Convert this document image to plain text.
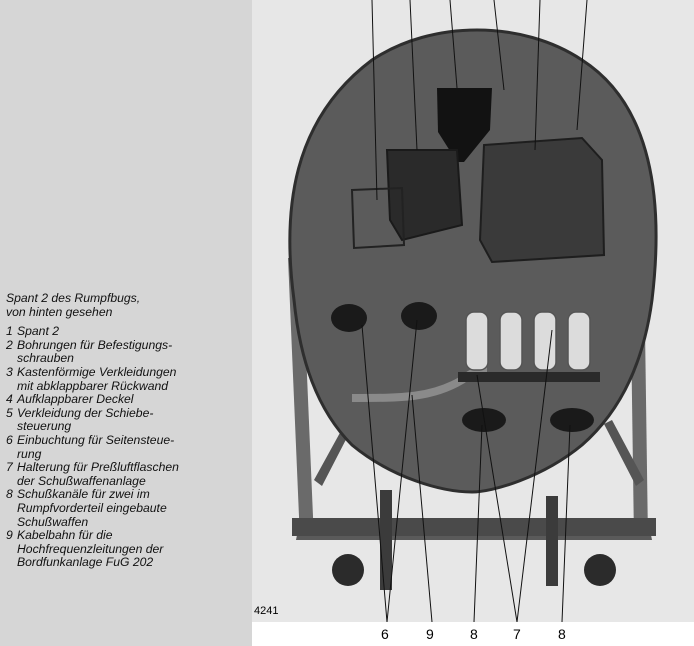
Spant 2 des Rumpfbugs,
von hinten gesehen
1 Spant 2
2 Bohrungen für Befestigungs-
schrauben
3 Kastenförmige Verkleidungen
mit abklappbarer Rückwand
4 Aufklappbarer Deckel
5 Verkleidung der Schiebe-
steuerung
6 Einbuchtung für Seitensteue-
rung
7 Halterung für Preßluftflaschen
der Schußwaffenanlage
8 Schußkanäle für zwei im
Rumpfvorderteil eingebaute
Schußwaffen
9 Kabelbahn für die
Hochfrequenzleitungen der
Bordfunkanlage FuG 202
4241
6	9	8	7	8
